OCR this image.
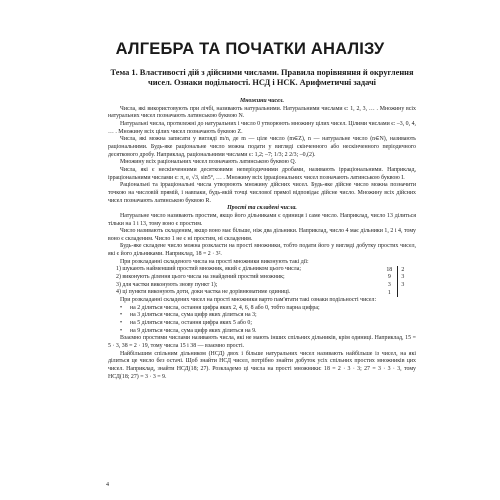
АЛГЕБРА ТА ПОЧАТКИ АНАЛІЗУ
Тема 1. Властивості дій з дійсними числами. Правила порівняння й округлення чисел. Ознаки подільності. НСД і НСК. Арифметичні задачі

Множини чисел.

Числа, які використовують при лічбі, називають натуральними. Натуральними числами є: 1, 2, 3, … . Множину всіх натуральних чисел позначають латинською буквою N.

Натуральні числа, протилежні до натуральних і число 0 утворюють множину цілих чисел. Цілими числами є: –3, 0, 4, … . Множину всіх цілих чисел позначають буквою Z.

Числа, які можна записати у вигляді m/n, де m — ціле число (m∈Z), n — натуральне число (n∈N), називають раціональними. Будь-яке раціональне число можна подати у вигляді скінченного або нескінченного періодичного десяткового дробу. Наприклад, раціональними числами є: 1,2; –7; 1/3; 2 2/3; –0,(2).

Множину всіх раціональних чисел позначають латинською буквою Q.

Числа, які є нескінченними десятковими неперіодичними дробами, називають ірраціональними. Наприклад, ірраціональними числами є: π, e, √3, sin5°, … . Множину всіх ірраціональних чисел позначають латинською буквою I.

Раціональні та ірраціональні числа утворюють множину дійсних чисел. Будь-яке дійсне число можна позначити точкою на числовій прямій, і навпаки, будь-якій точці числової прямої відповідає дійсне число. Множину всіх дійсних чисел позначають латинською буквою R.

Прості та складені числа.

Натуральне число називають простим, якщо його дільниками є одиниця і саме число. Наприклад, число 13 ділиться тільки на 1 і 13, тому воно є простим.

Число називають складеним, якщо воно має більше, ніж два дільники. Наприклад, число 4 має дільники 1, 2 і 4, тому воно є складеним. Число 1 не є ні простим, ні складеним.

Будь-яке складене число можна розкласти на прості множники, тобто подати його у вигляді добутку простих чисел, які є його дільниками. Наприклад, 18 = 2 · 3².

При розкладанні складеного числа на прості множники виконують такі дії:

1) шукають найменший простий множник, який є дільником цього числа;

2) виконують ділення цього числа на знайдений простий множник;

3) для частки виконують знову пункт 1);

4) ці пункти виконують доти, доки частка не дорівнюватиме одиниці.

18	2
9	3
3	3
1	

При розкладанні складених чисел на прості множники варто пам'ятати такі ознаки подільності чисел:

• на 2 діляться числа, остання цифра яких 2, 4, 6, 8 або 0, тобто парна цифра;

• на 3 діляться числа, сума цифр яких ділиться на 3;

• на 5 діляться числа, остання цифра яких 5 або 0;

• на 9 діляться числа, сума цифр яких ділиться на 9.

Взаємно простими числами називають числа, які не мають інших спільних дільників, крім одиниці. Наприклад, 15 = 5 · 3, 38 = 2 · 19, тому числа 15 і 38 — взаємно прості.

Найбільшим спільним дільником (НСД) двох і більше натуральних чисел називають найбільше із чисел, на які ділиться це число без остачі. Щоб знайти НСД чисел, потрібно знайти добуток усіх спільних простих множників цих чисел. Наприклад, знайти НСД(18; 27). Розкладемо ці числа на прості множники: 18 = 2 · 3 · 3; 27 = 3 · 3 · 3, тому НСД(18; 27) = 3 · 3 = 9.

4
